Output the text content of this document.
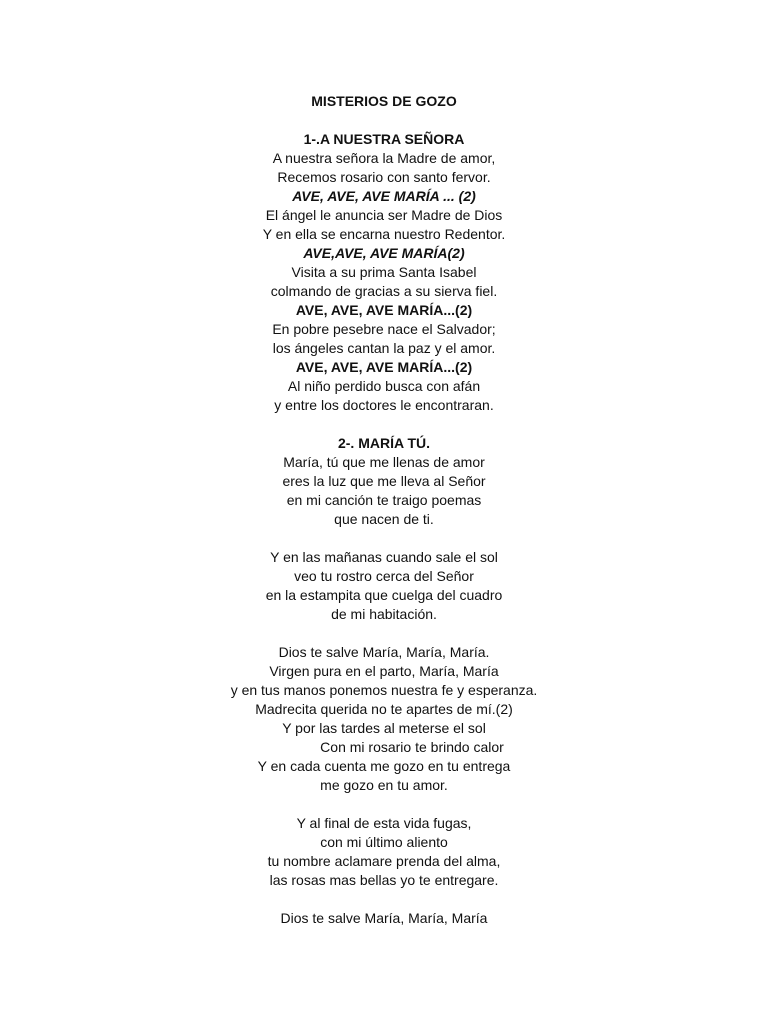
MISTERIOS DE GOZO
1-.A NUESTRA SEÑORA
A nuestra señora la Madre de amor,
Recemos rosario con santo fervor.
AVE, AVE, AVE MARÍA ... (2)
El ángel le anuncia ser Madre de Dios
Y en ella se encarna nuestro Redentor.
AVE,AVE, AVE MARÍA(2)
Visita a su prima Santa Isabel
colmando de gracias a su sierva fiel.
AVE, AVE, AVE MARÍA...(2)
En pobre pesebre nace el Salvador;
los ángeles cantan la paz y el amor.
AVE, AVE, AVE MARÍA...(2)
Al niño perdido busca con afán
y entre los doctores le encontraran.
2-. MARÍA TÚ.
María, tú que me llenas de amor
eres la luz que me lleva al Señor
en mi canción te traigo poemas
que nacen de ti.
Y en las mañanas cuando sale el sol
veo tu rostro cerca del Señor
en la estampita que cuelga del cuadro
de mi habitación.
Dios te salve María, María, María.
Virgen pura en el parto, María, María
y en tus manos ponemos nuestra fe y esperanza.
Madrecita querida no te apartes de mí.(2)
Y por las tardes al meterse el sol
Con mi rosario te brindo calor
Y en cada cuenta me gozo en tu entrega
me gozo en tu amor.
Y al final de esta vida fugas,
con mi último aliento
tu nombre aclamare prenda del alma,
las rosas mas bellas yo te entregare.
Dios te salve María, María, María
